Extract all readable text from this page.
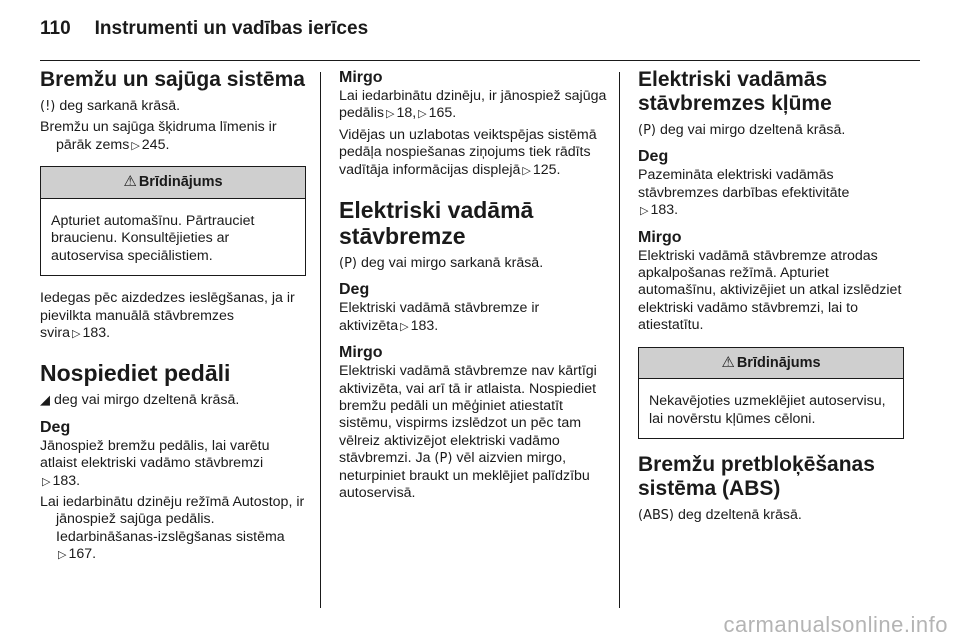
110 Instrumenti un vadības ierīces
Bremžu un sajūga sistēma

(!) deg sarkanā krāsā.

Bremžu un sajūga šķidruma līmenis ir pārāk zems ▷ 245.

⚠ Brīdinājums
Apturiet automašīnu. Pārtrauciet braucienu. Konsultējieties ar autoservisa speciālistiem.

Iedegas pēc aizdedzes ieslēgšanas, ja ir pievilkta manuālā stāvbremzes svira ▷ 183.

Nospiediet pedāli

◢ deg vai mirgo dzeltenā krāsā.

Deg

Jānospiež bremžu pedālis, lai varētu atlaist elektriski vadāmo stāvbremzi
▷ 183.

Lai iedarbinātu dzinēju režīmā Autostop, ir jānospiež sajūga pedālis. Iedarbināšanas-izslēgšanas sistēma
▷ 167.

Mirgo

Lai iedarbinātu dzinēju, ir jānospiež sajūga pedālis ▷ 18, ▷ 165.

Vidējas un uzlabotas veiktspējas sistēmā pedāļa nospiešanas ziņojums tiek rādīts vadītāja informācijas displejā ▷ 125.

Elektriski vadāmā stāvbremze

(P) deg vai mirgo sarkanā krāsā.

Deg

Elektriski vadāmā stāvbremze ir aktivizēta ▷ 183.

Mirgo

Elektriski vadāmā stāvbremze nav kārtīgi aktivizēta, vai arī tā ir atlaista. Nospiediet bremžu pedāli un mēģiniet atiestatīt sistēmu, vispirms izslēdzot un pēc tam vēlreiz aktivizējot elektriski vadāmo stāvbremzi. Ja (P) vēl aizvien mirgo, neturpiniet braukt un meklējiet palīdzību autoservisā.

Elektriski vadāmās stāvbremzes kļūme

(P) deg vai mirgo dzeltenā krāsā.

Deg

Pazemināta elektriski vadāmās stāvbremzes darbības efektivitāte
▷ 183.

Mirgo

Elektriski vadāmā stāvbremze atrodas apkalpošanas režīmā. Apturiet automašīnu, aktivizējiet un atkal izslēdziet elektriski vadāmo stāvbremzi, lai to atiestatītu.

⚠ Brīdinājums
Nekavējoties uzmeklējiet autoservisu, lai novērstu kļūmes cēloni.
Bremžu pretbloķēšanas sistēma (ABS)

(ABS) deg dzeltenā krāsā.

carmanualsonline.info
